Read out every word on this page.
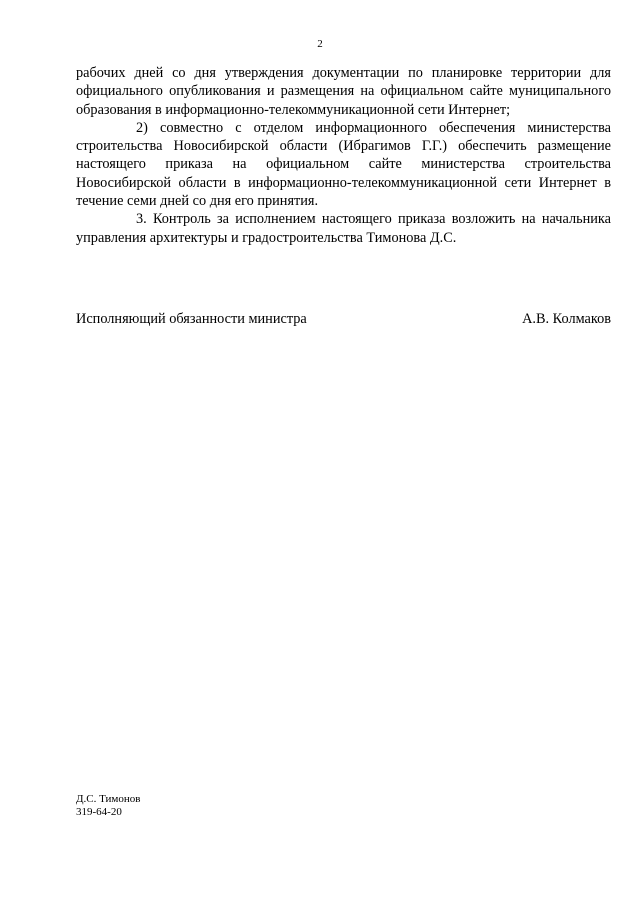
2

рабочих дней со дня утверждения документации по планировке территории для официального опубликования и размещения на официальном сайте муниципального образования в информационно-телекоммуникационной сети Интернет;

2) совместно с отделом информационного обеспечения министерства строительства Новосибирской области (Ибрагимов Г.Г.) обеспечить размещение настоящего приказа на официальном сайте министерства строительства Новосибирской области в информационно-телекоммуникационной сети Интернет в течение семи дней со дня его принятия.

3. Контроль за исполнением настоящего приказа возложить на начальника управления архитектуры и градостроительства Тимонова Д.С.

Исполняющий обязанности министра	А.В. Колмаков
Д.С. Тимонов
319-64-20
